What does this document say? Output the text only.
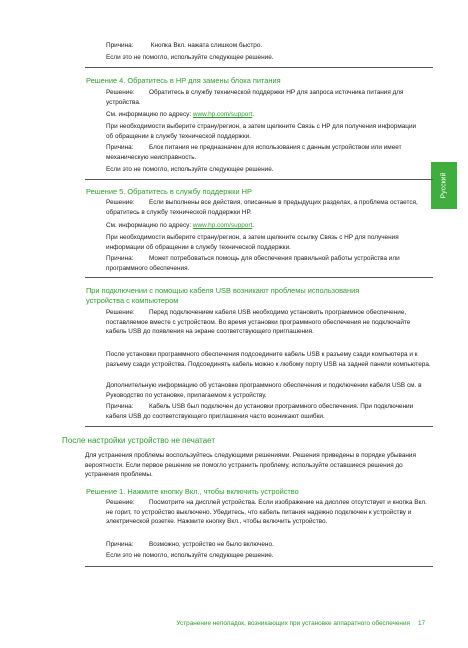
Русский

Причина:	Кнопка Вкл. нажата слишком быстро.

Если это не помогло, используйте следующее решение.

Решение 4. Обратитесь в HP для замены блока питания

Решение: Обратитесь в службу технической поддержки HP для запроса источника питания для устройства.

См. информацию по адресу: www.hp.com/support.

При необходимости выберите страну/регион, а затем щелкните Связь с HP для получения информации об обращении в службу технической поддержки.

Причина: Блок питания не предназначен для использования с данным устройством или имеет механическую неисправность.

Если это не помогло, используйте следующее решение.

Решение 5. Обратитесь в службу поддержки HP

Решение: Если выполнены все действия, описанные в предыдущих разделах, а проблема остается, обратитесь в службу технической поддержки HP.

См. информацию по адресу: www.hp.com/support.

При необходимости выберите страну/регион, а затем щелкните ссылку Связь с HP для получения информации об обращении в службу технической поддержки.

Причина: Может потребоваться помощь для обеспечения правильной работы устройства или программного обеспечения.

При подключении с помощью кабеля USB возникают проблемы использования устройства с компьютером

Решение: Перед подключением кабеля USB необходимо установить программное обеспечение, поставляемое вместе с устройством. Во время установки программного обеспечения не подключайте кабель USB до появления на экране соответствующего приглашения.

После установки программного обеспечения подсоедините кабель USB к разъему сзади компьютера и к разъему сзади устройства. Подсоединять кабель можно к любому порту USB на задней панели компьютера.

Дополнительную информацию об установке программного обеспечения и подключении кабеля USB см. в Руководство по установке, прилагаемом к устройству.

Причина: Кабель USB был подключен до установки программного обеспечения. При подключении кабеля USB до соответствующего приглашения часто возникают ошибки.

После настройки устройство не печатает

Для устранения проблемы воспользуйтесь следующими решениями. Решения приведены в порядке убывания вероятности. Если первое решение не помогло устранить проблему, используйте оставшиеся решения до устранения проблемы.

Решение 1. Нажмите кнопку Вкл., чтобы включить устройство

Решение: Посмотрите на дисплей устройства. Если изображение на дисплее отсутствует и кнопка Вкл. не горит, то устройство выключено. Убедитесь, что кабель питания надежно подключен к устройству и электрической розетке. Нажмите кнопку Вкл., чтобы включить устройство.

Причина: Возможно, устройство не было включено.

Если это не помогло, используйте следующее решение.

Устранение неполадок, возникающих при установке аппаратного обеспечения 17
